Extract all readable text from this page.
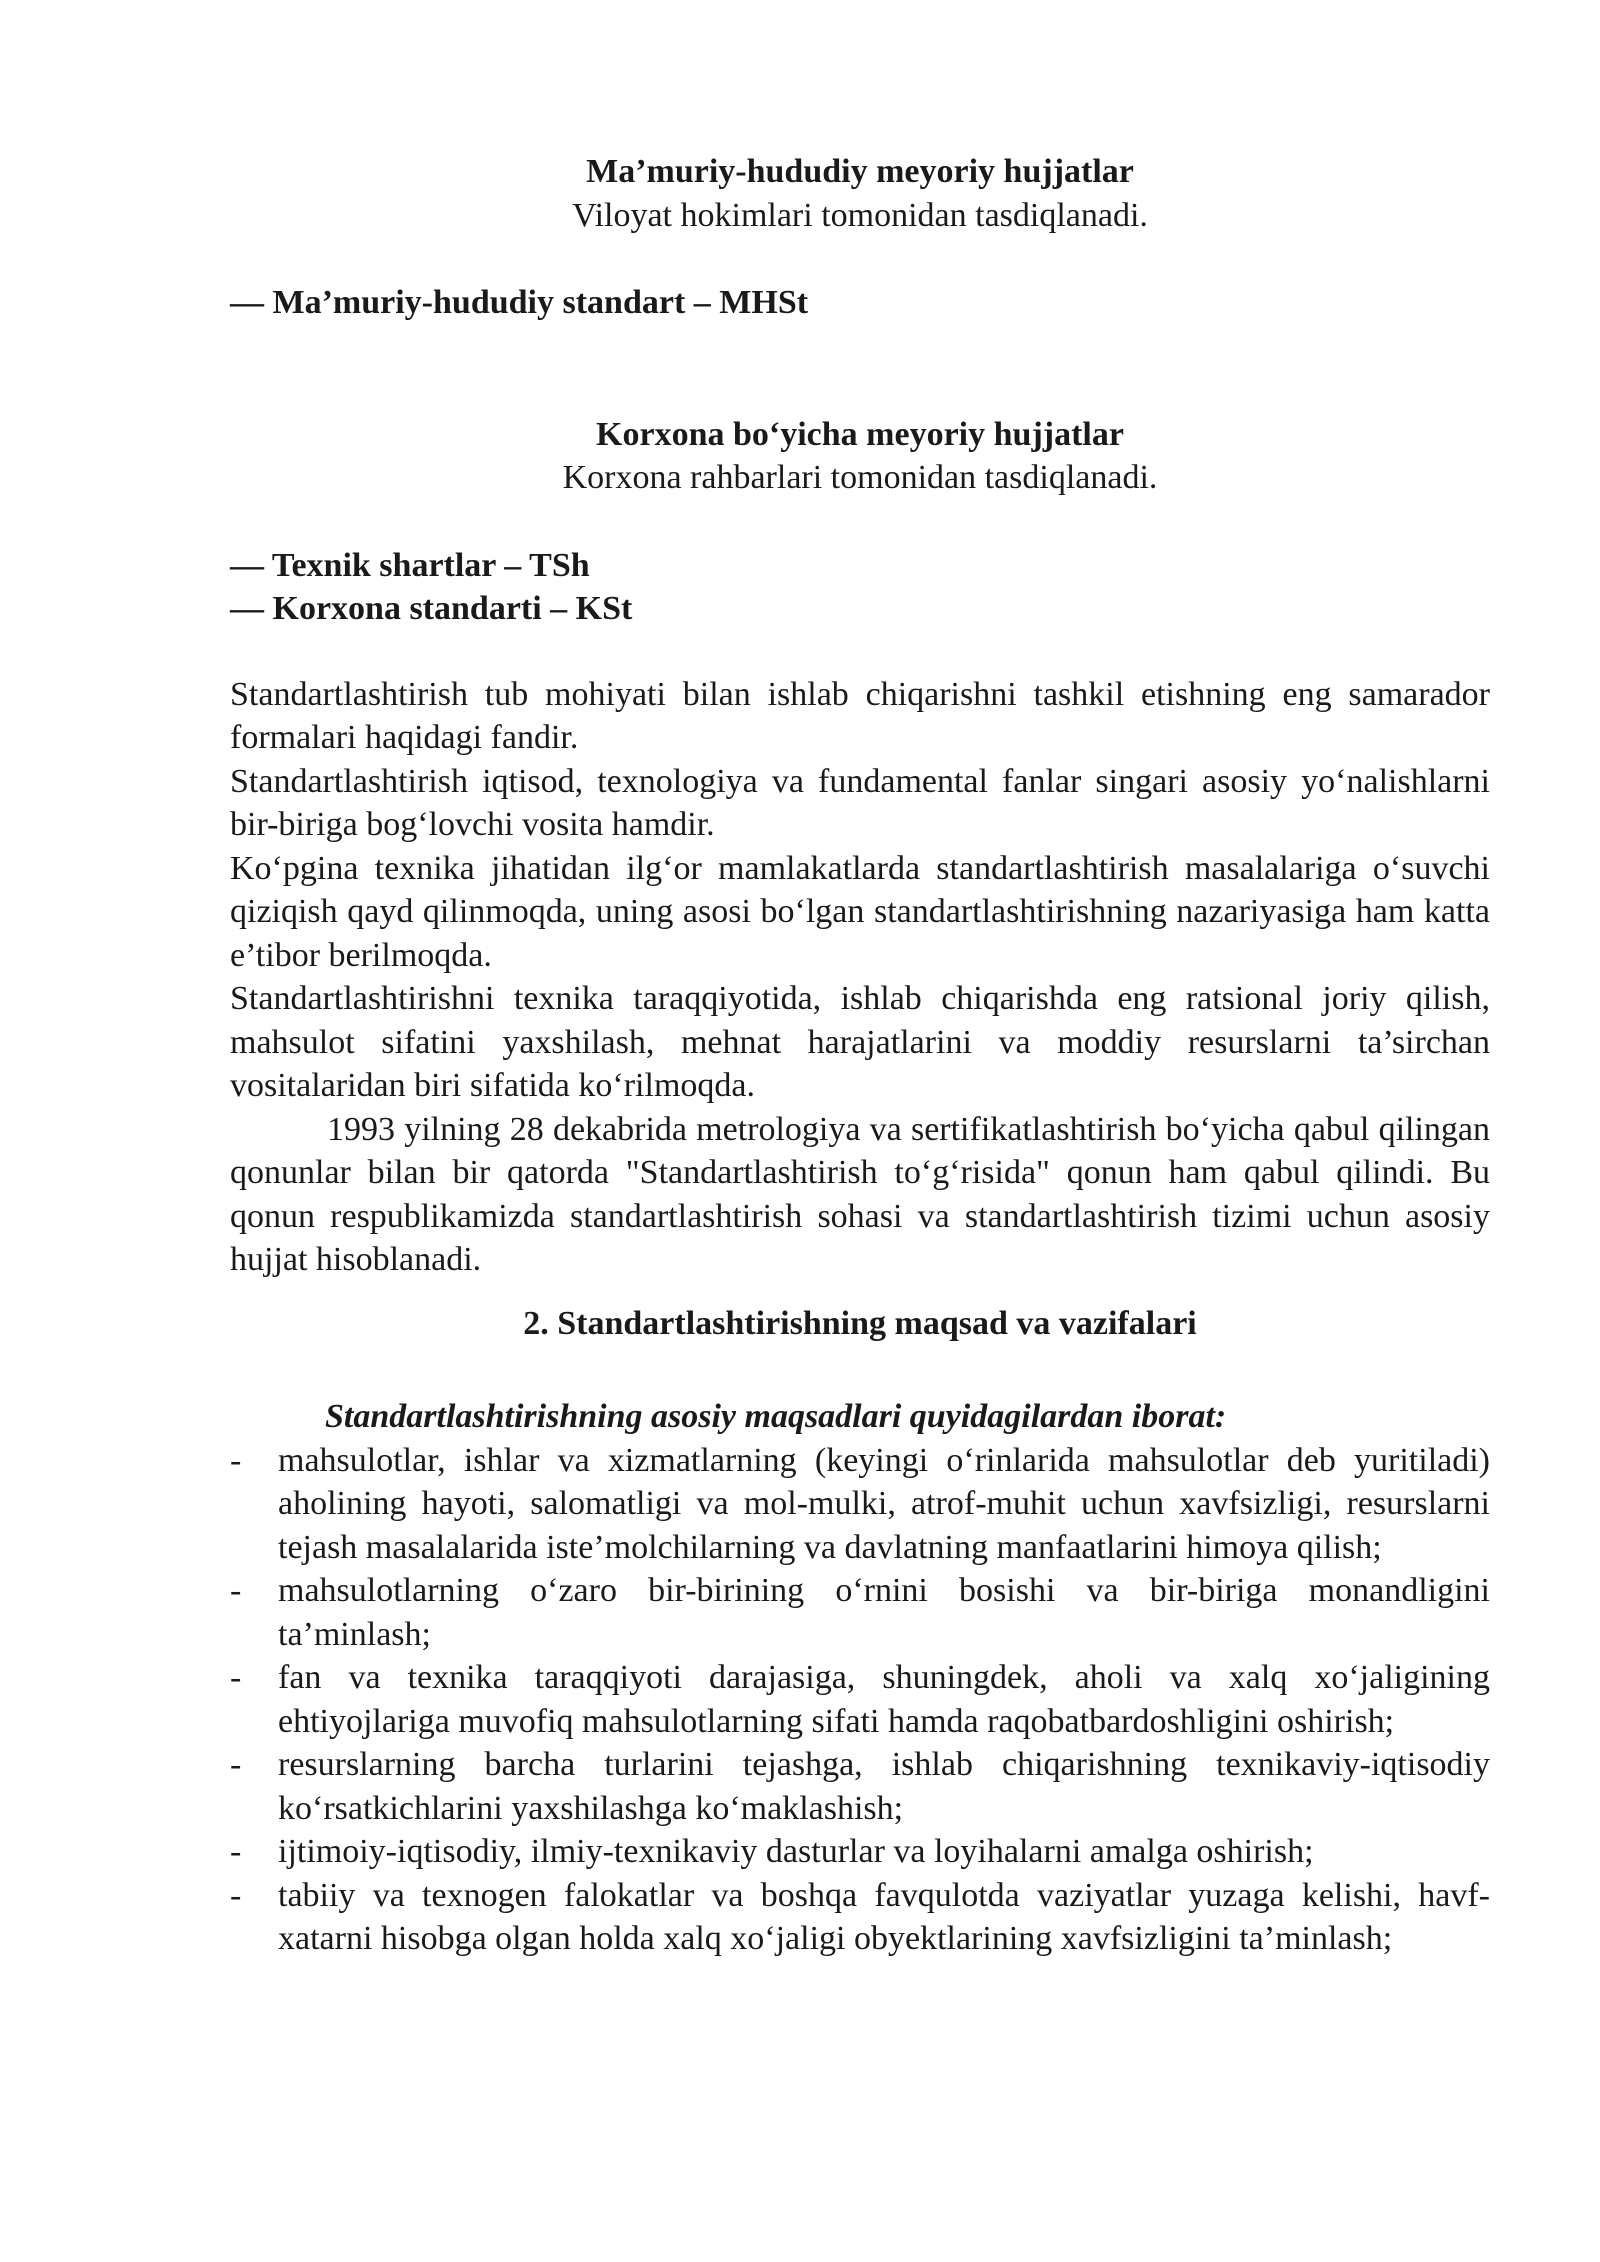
Ma’muriy-hududiy meyoriy hujjatlar
Viloyat hokimlari tomonidan tasdiqlanadi.
— Ma’muriy-hududiy standart – MHSt
Korxona bo‘yicha meyoriy hujjatlar
Korxona rahbarlari tomonidan tasdiqlanadi.
— Texnik shartlar – TSh
— Korxona standarti – KSt

Standartlashtirish tub mohiyati bilan ishlab chiqarishni tashkil etishning eng samarador formalari haqidagi fandir.

Standartlashtirish iqtisod, texnologiya va fundamental fanlar singari asosiy yo‘nalishlarni bir-biriga bog‘lovchi vosita hamdir.

Ko‘pgina texnika jihatidan ilg‘or mamlakatlarda standartlashtirish masalalariga o‘suvchi qiziqish qayd qilinmoqda, uning asosi bo‘lgan standartlashtirishning nazariyasiga ham katta e’tibor berilmoqda.

Standartlashtirishni texnika taraqqiyotida, ishlab chiqarishda eng ratsional joriy qilish, mahsulot sifatini yaxshilash, mehnat harajatlarini va moddiy resurslarni ta’sirchan vositalaridan biri sifatida ko‘rilmoqda.

1993 yilning 28 dekabrida metrologiya va sertifikatlashtirish bo‘yicha qabul qilingan qonunlar bilan bir qatorda "Standartlashtirish to‘g‘risida" qonun ham qabul qilindi. Bu qonun respublikamizda standartlashtirish sohasi va standartlashtirish tizimi uchun asosiy hujjat hisoblanadi.

2. Standartlashtirishning maqsad va vazifalari
Standartlashtirishning asosiy maqsadlari quyidagilardan iborat:
- mahsulotlar, ishlar va xizmatlarning (keyingi o‘rinlarida mahsulotlar deb yuritiladi) aholining hayoti, salomatligi va mol-mulki, atrof-muhit uchun xavfsizligi, resurslarni tejash masalalarida iste’molchilarning va davlatning manfaatlarini himoya qilish;
- mahsulotlarning o‘zaro bir-birining o‘rnini bosishi va bir-biriga monandligini ta’minlash;
- fan va texnika taraqqiyoti darajasiga, shuningdek, aholi va xalq xo‘jaligining ehtiyojlariga muvofiq mahsulotlarning sifati hamda raqobatbardoshligini oshirish;
- resurslarning barcha turlarini tejashga, ishlab chiqarishning texnikaviy-iqtisodiy ko‘rsatkichlarini yaxshilashga ko‘maklashish;
- ijtimoiy-iqtisodiy, ilmiy-texnikaviy dasturlar va loyihalarni amalga oshirish;
- tabiiy va texnogen falokatlar va boshqa favqulotda vaziyatlar yuzaga kelishi, havf-xatarni hisobga olgan holda xalq xo‘jaligi obyektlarining xavfsizligini ta’minlash;
